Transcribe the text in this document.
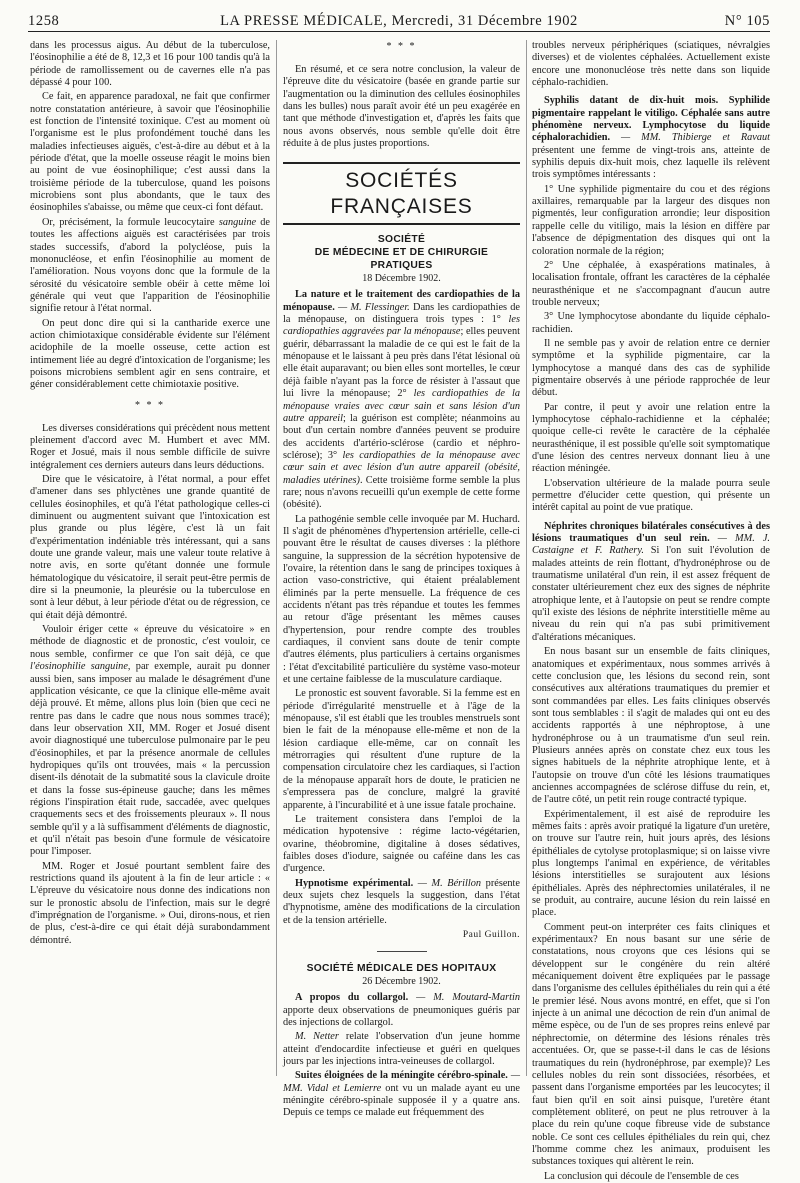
1258	LA PRESSE MÉDICALE, Mercredi, 31 Décembre 1902	N° 105

dans les processus aigus. Au début de la tuberculose, l'éosinophilie a été de 8, 12,3 et 16 pour 100 tandis qu'à la période de ramollissement ou de cavernes elle n'a pas dépassé 4 pour 100.

Ce fait, en apparence paradoxal, ne fait que confirmer notre constatation antérieure, à savoir que l'éosinophilie est fonction de l'intensité toxinique. C'est au moment où l'organisme est le plus profondément touché dans les maladies infectieuses aiguës, c'est-à-dire au début et à la période d'état, que la moelle osseuse réagit le moins bien au point de vue éosinophilique; c'est aussi dans la troisième période de la tuberculose, quand les poisons microbiens sont plus abondants, que le taux des éosinophiles s'abaisse, ou même que ceux-ci font défaut.

Or, précisément, la formule leucocytaire sanguine de toutes les affections aiguës est caractérisées par trois stades successifs, d'abord la polycléose, puis la mononucléose, et enfin l'éosinophilie au moment de l'amélioration. Nous voyons donc que la formule de la sérosité du vésicatoire semble obéir à cette même loi générale qui veut que l'apparition de l'éosinophilie signifie retour à l'état normal.

On peut donc dire qui si la cantharide exerce une action chimiotaxique considérable évidente sur l'élément acidophile de la moelle osseuse, cette action est intimement liée au degré d'intoxication de l'organisme; les poisons microbiens semblent agir en sens contraire, et géner considérablement cette chimiotaxie positive.

* * *

Les diverses considérations qui précèdent nous mettent pleinement d'accord avec M. Humbert et avec MM. Roger et Josué, mais il nous semble difficile de suivre intégralement ces derniers auteurs dans leurs déductions.

Dire que le vésicatoire, à l'état normal, a pour effet d'amener dans ses phlyctènes une grande quantité de cellules éosinophiles, et qu'à l'état pathologique celles-ci diminuent ou augmentent suivant que l'intoxication est plus grande ou plus légère, c'est là un fait d'expérimentation indéniable très intéressant, qui a sans doute une grande valeur, mais une valeur toute relative à notre avis, en sorte qu'étant donnée une formule hématologique du vésicatoire, il serait peut-être permis de dire si la pneumonie, la pleurésie ou la tuberculose en sont à leur début, à leur période d'état ou de régression, ce qui était déjà démontré.

Vouloir ériger cette « épreuve du vésicatoire » en méthode de diagnostic et de pronostic, c'est vouloir, ce nous semble, confirmer ce que l'on sait déjà, ce que l'éosinophilie sanguine, par exemple, aurait pu donner aussi bien, sans imposer au malade le désagrément d'une application vésicante, ce que la clinique elle-même avait déjà prouvé. Et même, allons plus loin (bien que ceci ne rentre pas dans le cadre que nous nous sommes tracé); dans leur observation XII, MM. Roger et Josué disent avoir diagnostiqué une tuberculose pulmonaire par le peu d'éosinophiles, et par la présence anormale de cellules hydropiques qu'ils ont trouvées, mais « la percussion disent-ils dénotait de la submatité sous la clavicule droite et dans la fosse sus-épineuse gauche; dans les mêmes régions l'inspiration était rude, saccadée, avec quelques craquements secs et des froissements pleuraux ». Il nous semble qu'il y a là suffisamment d'éléments de diagnostic, et qu'il n'était pas besoin d'une formule de vésicatoire pour l'imposer.

MM. Roger et Josué pourtant semblent faire des restrictions quand ils ajoutent à la fin de leur article : « L'épreuve du vésicatoire nous donne des indications non sur le pronostic absolu de l'infection, mais sur le degré d'imprégnation de l'organisme. » Oui, dirons-nous, et rien de plus, c'est-à-dire ce qui était déjà surabondamment démontré.

* * *

En résumé, et ce sera notre conclusion, la valeur de l'épreuve dite du vésicatoire (basée en grande partie sur l'augmentation ou la diminution des cellules éosinophiles dans les bulles) nous paraît avoir été un peu exagérée en tant que méthode d'investigation et, d'après les faits que nous avons observés, nous semble qu'elle doit être réduite à de plus justes proportions.

SOCIÉTÉS FRANÇAISES
SOCIÉTÉ
DE MÉDECINE ET DE CHIRURGIE PRATIQUES
18 Décembre 1902.

La nature et le traitement des cardiopathies de la ménopause. — M. Flessinger. Dans les cardiopathies de la ménopause, on distinguera trois types : 1° les cardiopathies aggravées par la ménopause; elles peuvent guérir, débarrassant la maladie de ce qui est le fait de la ménopause et le laissant à peu près dans l'état lésional où elle était auparavant; ou bien elles sont mortelles, le cœur déjà faible n'ayant pas la force de résister à l'assaut que lui livre la ménopause; 2° les cardiopathies de la ménopause vraies avec cœur sain et sans lésion d'un autre appareil; la guérison est complète; néanmoins au bout d'un certain nombre d'années peuvent se produire des accidents d'artério-sclérose (cardio et néphro-sclérose); 3° les cardiopathies de la ménopause avec cœur sain et avec lésion d'un autre appareil (obésité, maladies utérines). Cette troisième forme semble la plus rare; nous n'avons recueilli qu'un exemple de cette forme (obésité).

La pathogénie semble celle invoquée par M. Huchard. Il s'agit de phénomènes d'hypertension artérielle, celle-ci pouvant être le résultat de causes diverses : la pléthore sanguine, la suppression de la sécrétion hypotensive de l'ovaire, la rétention dans le sang de principes toxiques à action vaso-constrictive, qui étaient préalablement éliminés par la perte mensuelle. La fréquence de ces accidents n'étant pas très répandue et toutes les femmes au retour d'âge présentant les mêmes causes d'hypertension, pour rendre compte des troubles cardiaques, il convient sans doute de tenir compte d'autres éléments, plus particuliers à certains organismes : l'état d'excitabilité particulière du système vaso-moteur et une certaine faiblesse de la musculature cardiaque.

Le pronostic est souvent favorable. Si la femme est en période d'irrégularité menstruelle et à l'âge de la ménopause, s'il est établi que les troubles menstruels sont bien le fait de la ménopause elle-même et non de la lésion cardiaque elle-même, car on connaît les métrorragies qui résultent d'une rupture de la compensation circulatoire chez les cardiaques, si l'action de la ménopause apparaît hors de doute, le praticien ne s'empressera pas de conclure, malgré la gravité apparente, à l'incurabilité et à une issue fatale prochaine.

Le traitement consistera dans l'emploi de la médication hypotensive : régime lacto-végétarien, ovarine, théobromine, digitaline à doses sédatives, faibles doses d'iodure, saignée ou caféine dans les cas d'urgence.

Hypnotisme expérimental. — M. Bérillon présente deux sujets chez lesquels la suggestion, dans l'état d'hypnotisme, amène des modifications de la circulation et de la tension artérielle.

Paul Guillon.
SOCIÉTÉ MÉDICALE DES HOPITAUX
26 Décembre 1902.

A propos du collargol. — M. Moutard-Martin apporte deux observations de pneumoniques guéris par des injections de collargol.

M. Netter relate l'observation d'un jeune homme atteint d'endocardite infectieuse et guéri en quelques jours par les injections intra-veineuses de collargol.

Suites éloignées de la méningite cérébro-spinale. — MM. Vidal et Lemierre ont vu un malade ayant eu une méningite cérébro-spinale supposée il y a quatre ans. Depuis ce temps ce malade eut fréquemment des

troubles nerveux périphériques (sciatiques, névralgies diverses) et de violentes céphalées. Actuellement existe encore une mononucléose très nette dans son liquide céphalo-rachidien.

Syphilis datant de dix-huit mois. Syphilide pigmentaire rappelant le vitiligo. Céphalée sans autre phénomène nerveux. Lymphocytose du liquide céphalorachidien. — MM. Thibierge et Ravaut présentent une femme de vingt-trois ans, atteinte de syphilis depuis dix-huit mois, chez laquelle ils relèvent trois symptômes intéressants :

1° Une syphilide pigmentaire du cou et des régions axillaires, remarquable par la largeur des disques non pigmentés, leur configuration arrondie; leur disposition rappelle celle du vitiligo, mais la lésion en diffère par l'absence de dépigmentation des disques qui ont la coloration normale de la région;

2° Une céphalée, à exaspérations matinales, à localisation frontale, offrant les caractères de la céphalée neurasthénique et ne s'accompagnant d'aucun autre trouble nerveux;

3° Une lymphocytose abondante du liquide céphalo-rachidien.

Il ne semble pas y avoir de relation entre ce dernier symptôme et la syphilide pigmentaire, car la lymphocytose a manqué dans des cas de syphilide pigmentaire observés à une période rapprochée de leur début.

Par contre, il peut y avoir une relation entre la lymphocytose céphalo-rachidienne et la céphalée; quoique celle-ci revête le caractère de la céphalée neurasthénique, il est possible qu'elle soit symptomatique d'une lésion des centres nerveux donnant lieu à une réaction méningée.

L'observation ultérieure de la malade pourra seule permettre d'élucider cette question, qui présente un intérêt capital au point de vue pratique.

Néphrites chroniques bilatérales consécutives à des lésions traumatiques d'un seul rein. — MM. J. Castaigne et F. Rathery. Si l'on suit l'évolution de malades atteints de rein flottant, d'hydronéphrose ou de traumatisme unilatéral d'un rein, il est assez fréquent de constater ultérieurement chez eux des signes de néphrite atrophique lente, et à l'autopsie on peut se rendre compte qu'il existe des lésions de néphrite interstitielle même au niveau du rein qui n'a pas subi primitivement d'altérations mécaniques.

En nous basant sur un ensemble de faits cliniques, anatomiques et expérimentaux, nous sommes arrivés à cette conclusion que, les lésions du second rein, sont consécutives aux altérations traumatiques du premier et sont commandées par elles. Les faits cliniques observés sont tous semblables : il s'agit de malades qui ont eu des accidents rapportés à une néphroptose, à une hydronéphrose ou à un traumatisme d'un seul rein. Plusieurs années après on constate chez eux tous les signes habituels de la néphrite atrophique lente, et à l'autopsie on trouve d'un côté les lésions traumatiques anciennes accompagnées de sclérose diffuse du rein, et, de l'autre côté, un petit rein rouge contracté typique.

Expérimentalement, il est aisé de reproduire les mêmes faits : après avoir pratiqué la ligature d'un uretère, on trouve sur l'autre rein, huit jours après, des lésions épithéliales de cytolyse protoplasmique; si on laisse vivre plus longtemps l'animal en expérience, de véritables lésions interstitielles se surajoutent aux lésions épithéliales. Après des néphrectomies unilatérales, il ne se produit, au contraire, aucune lésion du rein laissé en place.

Comment peut-on interpréter ces faits cliniques et expérimentaux? En nous basant sur une série de constatations, nous croyons que ces lésions qui se développent sur le congénère du rein altéré mécaniquement doivent être expliquées par le passage dans l'organisme des cellules épithéliales du rein qui a été le premier lésé. Nous avons montré, en effet, que si l'on injecte à un animal une décoction de rein d'un animal de même espèce, ou de l'un de ses propres reins enlevé par néphrectomie, on détermine des lésions rénales très accentuées. Or, que se passe-t-il dans le cas de lésions traumatiques du rein (hydronéphrose, par exemple)? Les cellules nobles du rein sont dissociées, résorbées, et passent dans l'organisme emportées par les leucocytes; il faut bien qu'il en soit ainsi puisque, l'uretère étant complètement obliteré, on peut ne plus retrouver à la place du rein qu'une coque fibreuse vide de substance noble. Ce sont ces cellules épithéliales du rein qui, chez l'homme comme chez les animaux, produisent les substances toxiques qui altèrent le rein.

La conclusion qui découle de l'ensemble de ces
